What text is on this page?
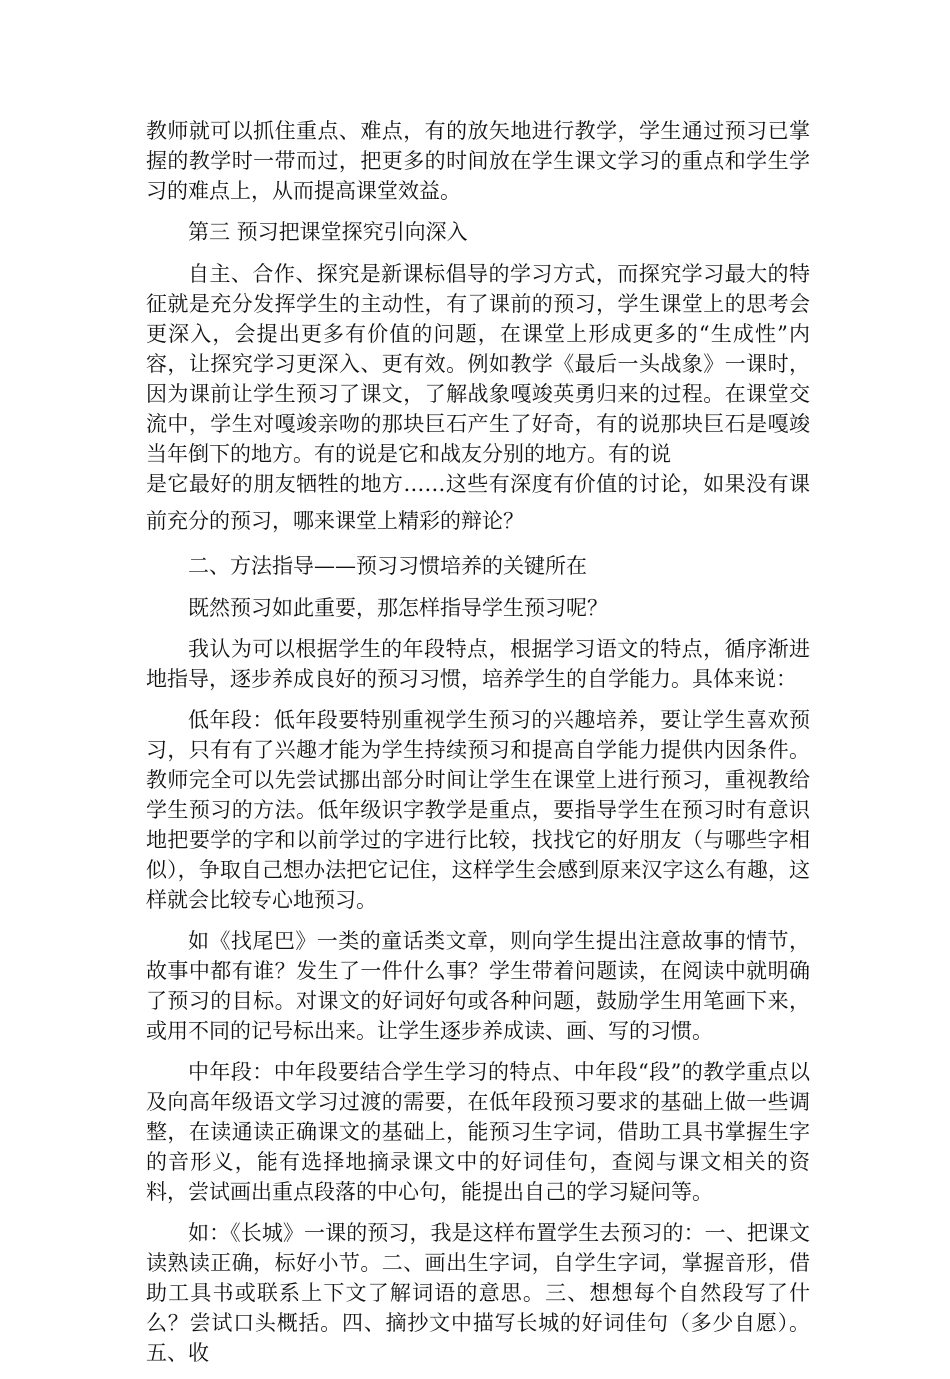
教师就可以抓住重点、难点，有的放矢地进行教学，学生通过预习已掌握的教学时一带而过，把更多的时间放在学生课文学习的重点和学生学习的难点上，从而提高课堂效益。

第三 预习把课堂探究引向深入

自主、合作、探究是新课标倡导的学习方式，而探究学习最大的特征就是充分发挥学生的主动性，有了课前的预习，学生课堂上的思考会更深入，会提出更多有价值的问题，在课堂上形成更多的“生成性”内容，让探究学习更深入、更有效。例如教学《最后一头战象》一课时，因为课前让学生预习了课文，了解战象嘎竣英勇归来的过程。在课堂交流中，学生对嘎竣亲吻的那块巨石产生了好奇，有的说那块巨石是嘎竣当年倒下的地方。有的说是它和战友分别的地方。有的说

是它最好的朋友牺牲的地方……这些有深度有价值的讨论，如果没有课前充分的预习，哪来课堂上精彩的辩论？

二、方法指导——预习习惯培养的关键所在

既然预习如此重要，那怎样指导学生预习呢？

我认为可以根据学生的年段特点，根据学习语文的特点，循序渐进地指导，逐步养成良好的预习习惯，培养学生的自学能力。具体来说：

低年段：低年段要特别重视学生预习的兴趣培养，要让学生喜欢预习，只有有了兴趣才能为学生持续预习和提高自学能力提供内因条件。教师完全可以先尝试挪出部分时间让学生在课堂上进行预习，重视教给学生预习的方法。低年级识字教学是重点，要指导学生在预习时有意识地把要学的字和以前学过的字进行比较，找找它的好朋友（与哪些字相似），争取自己想办法把它记住，这样学生会感到原来汉字这么有趣，这样就会比较专心地预习。

如《找尾巴》一类的童话类文章，则向学生提出注意故事的情节，故事中都有谁？发生了一件什么事？学生带着问题读，在阅读中就明确了预习的目标。对课文的好词好句或各种问题，鼓励学生用笔画下来，或用不同的记号标出来。让学生逐步养成读、画、写的习惯。

中年段：中年段要结合学生学习的特点、中年段“段”的教学重点以及向高年级语文学习过渡的需要，在低年段预习要求的基础上做一些调整，在读通读正确课文的基础上，能预习生字词，借助工具书掌握生字的音形义，能有选择地摘录课文中的好词佳句，查阅与课文相关的资料，尝试画出重点段落的中心句，能提出自己的学习疑问等。

如：《长城》一课的预习，我是这样布置学生去预习的：一、把课文读熟读正确，标好小节。二、画出生字词，自学生字词，掌握音形，借助工具书或联系上下文了解词语的意思。三、想想每个自然段写了什么？尝试口头概括。四、摘抄文中描写长城的好词佳句（多少自愿）。五、收
